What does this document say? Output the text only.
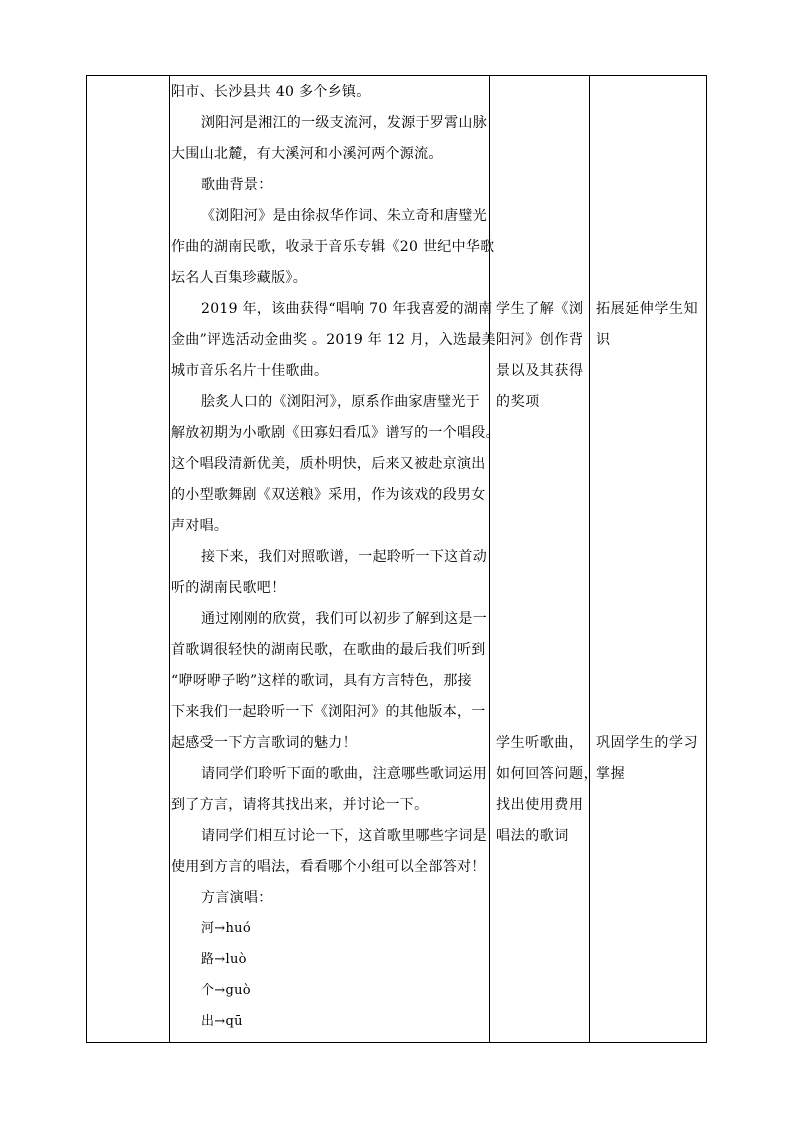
阳市、长沙县共 40 多个乡镇。
浏阳河是湘江的一级支流河，发源于罗霄山脉
大围山北麓，有大溪河和小溪河两个源流。
歌曲背景：
《浏阳河》是由徐叔华作词、朱立奇和唐璧光
作曲的湖南民歌，收录于音乐专辑《20 世纪中华歌
坛名人百集珍藏版》。
2019 年，该曲获得“唱响 70 年我喜爱的湖南
金曲”评选活动金曲奖 。2019 年 12 月，入选最美
城市音乐名片十佳歌曲。
脍炙人口的《浏阳河》，原系作曲家唐璧光于
解放初期为小歌剧《田寡妇看瓜》谱写的一个唱段。
这个唱段清新优美，质朴明快，后来又被赴京演出
的小型歌舞剧《双送粮》采用，作为该戏的段男女
声对唱。
接下来，我们对照歌谱，一起聆听一下这首动
听的湖南民歌吧！
通过刚刚的欣赏，我们可以初步了解到这是一
首歌调很轻快的湖南民歌，在歌曲的最后我们听到
“咿呀咿子哟”这样的歌词，具有方言特色，那接
下来我们一起聆听一下《浏阳河》的其他版本，一
起感受一下方言歌词的魅力！
请同学们聆听下面的歌曲，注意哪些歌词运用
到了方言，请将其找出来，并讨论一下。
请同学们相互讨论一下，这首歌里哪些字词是
使用到方言的唱法，看看哪个小组可以全部答对！
方言演唱：
河→huó
路→luò
个→guò
出→qū
学生了解《浏
阳河》创作背
景以及其获得
的奖项
学生听歌曲，
如何回答问题，
找出使用费用
唱法的歌词
拓展延伸学生知
识
巩固学生的学习
掌握
